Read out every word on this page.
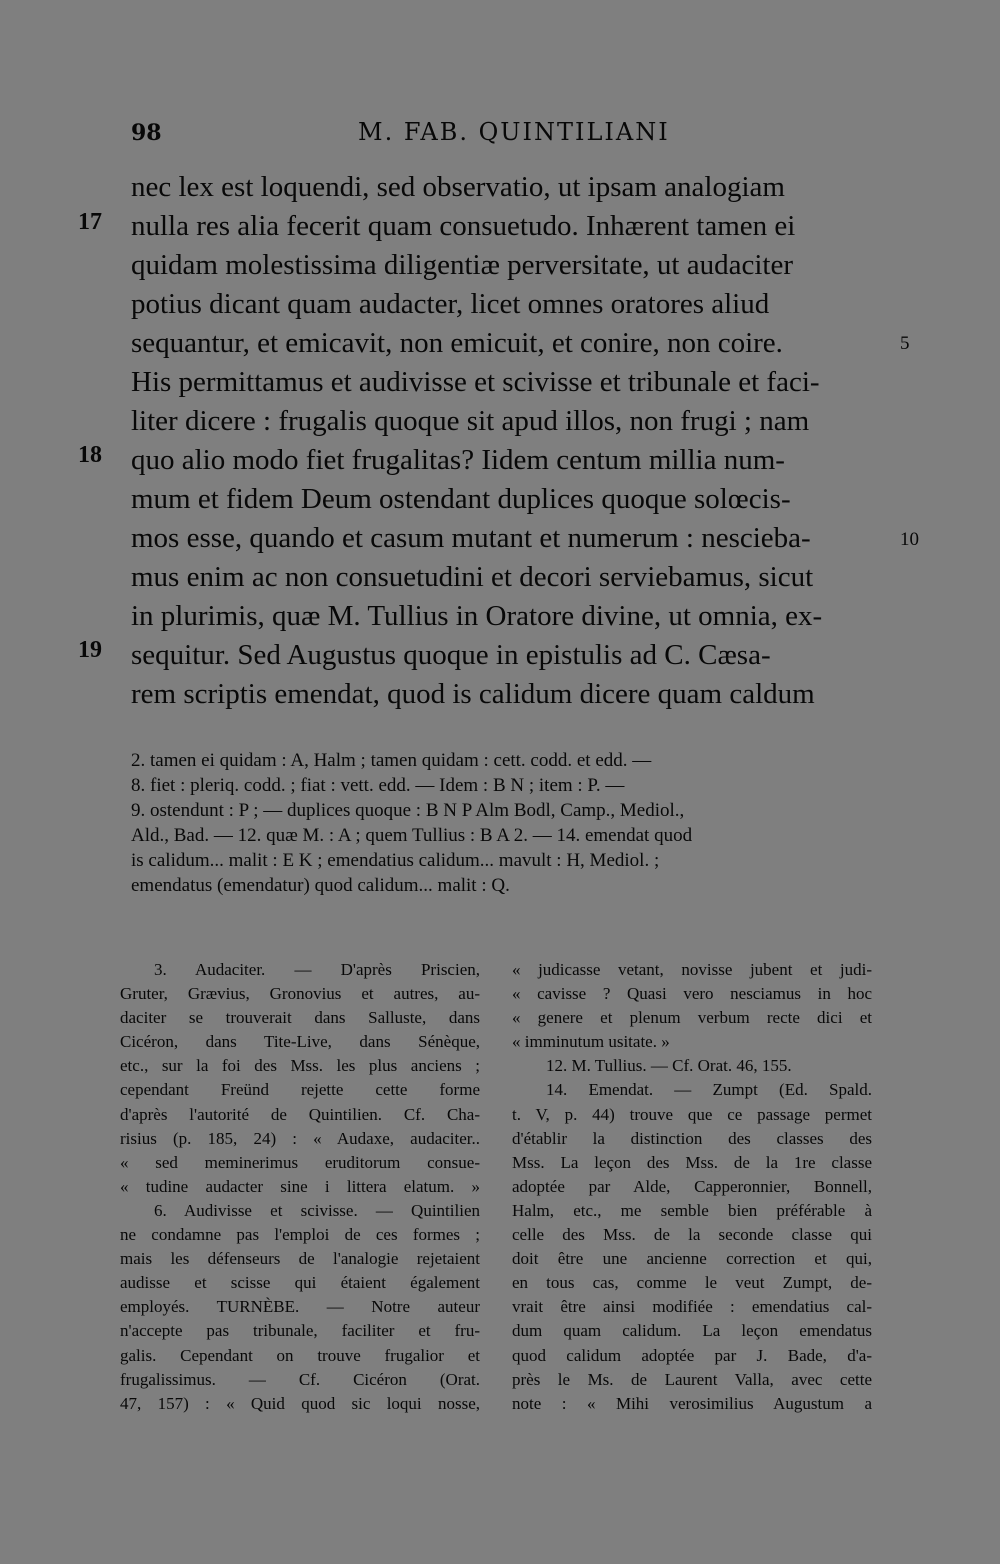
98	M. FAB. QUINTILIANI
17
18
19
5
10
nec lex est loquendi, sed observatio, ut ipsam analogiam
nulla res alia fecerit quam consuetudo. Inhærent tamen ei
quidam molestissima diligentiæ perversitate, ut audaciter
potius dicant quam audacter, licet omnes oratores aliud
sequantur, et emicavit, non emicuit, et conire, non coire.
His permittamus et audivisse et scivisse et tribunale et faci-
liter dicere : frugalis quoque sit apud illos, non frugi ; nam
quo alio modo fiet frugalitas? Iidem centum millia num-
mum et fidem Deum ostendant duplices quoque solœcis-
mos esse, quando et casum mutant et numerum : nescieba-
mus enim ac non consuetudini et decori serviebamus, sicut
in plurimis, quæ M. Tullius in Oratore divine, ut omnia, ex-
sequitur. Sed Augustus quoque in epistulis ad C. Cæsa-
rem scriptis emendat, quod is calidum dicere quam caldum
2. tamen ei quidam : A, Halm ; tamen quidam : cett. codd. et edd. —
8. fiet : pleriq. codd. ; fiat : vett. edd. — Idem : B N ; item : P. —
9. ostendunt : P ; — duplices quoque : B N P Alm Bodl, Camp., Mediol.,
Ald., Bad. — 12. quæ M. : A ; quem Tullius : B A 2. — 14. emendat quod
is calidum... malit : E K ; emendatius calidum... mavult : H, Mediol. ;
emendatus (emendatur) quod calidum... malit : Q.
3. Audaciter. — D'après Priscien,
Gruter, Grævius, Gronovius et autres, au-
daciter se trouverait dans Salluste, dans
Cicéron, dans Tite-Live, dans Sénèque,
etc., sur la foi des Mss. les plus anciens ;
cependant Freünd rejette cette forme
d'après l'autorité de Quintilien. Cf. Cha-
risius (p. 185, 24) : « Audaxe, audaciter..
« sed meminerimus eruditorum consue-
« tudine audacter sine i littera elatum. »
6. Audivisse et scivisse. — Quintilien
ne condamne pas l'emploi de ces formes ;
mais les défenseurs de l'analogie rejetaient
audisse et scisse qui étaient également
employés. TURNÈBE. — Notre auteur
n'accepte pas tribunale, faciliter et fru-
galis. Cependant on trouve frugalior et
frugalissimus. — Cf. Cicéron (Orat.
47, 157) : « Quid quod sic loqui nosse,
« judicasse vetant, novisse jubent et judi-
« cavisse ? Quasi vero nesciamus in hoc
« genere et plenum verbum recte dici et
« imminutum usitate. »
12. M. Tullius. — Cf. Orat. 46, 155.
14. Emendat. — Zumpt (Ed. Spald.
t. V, p. 44) trouve que ce passage permet
d'établir la distinction des classes des
Mss. La leçon des Mss. de la 1re classe
adoptée par Alde, Capperonnier, Bonnell,
Halm, etc., me semble bien préférable à
celle des Mss. de la seconde classe qui
doit être une ancienne correction et qui,
en tous cas, comme le veut Zumpt, de-
vrait être ainsi modifiée : emendatius cal-
dum quam calidum. La leçon emendatus
quod calidum adoptée par J. Bade, d'a-
près le Ms. de Laurent Valla, avec cette
note : « Mihi verosimilius Augustum a
